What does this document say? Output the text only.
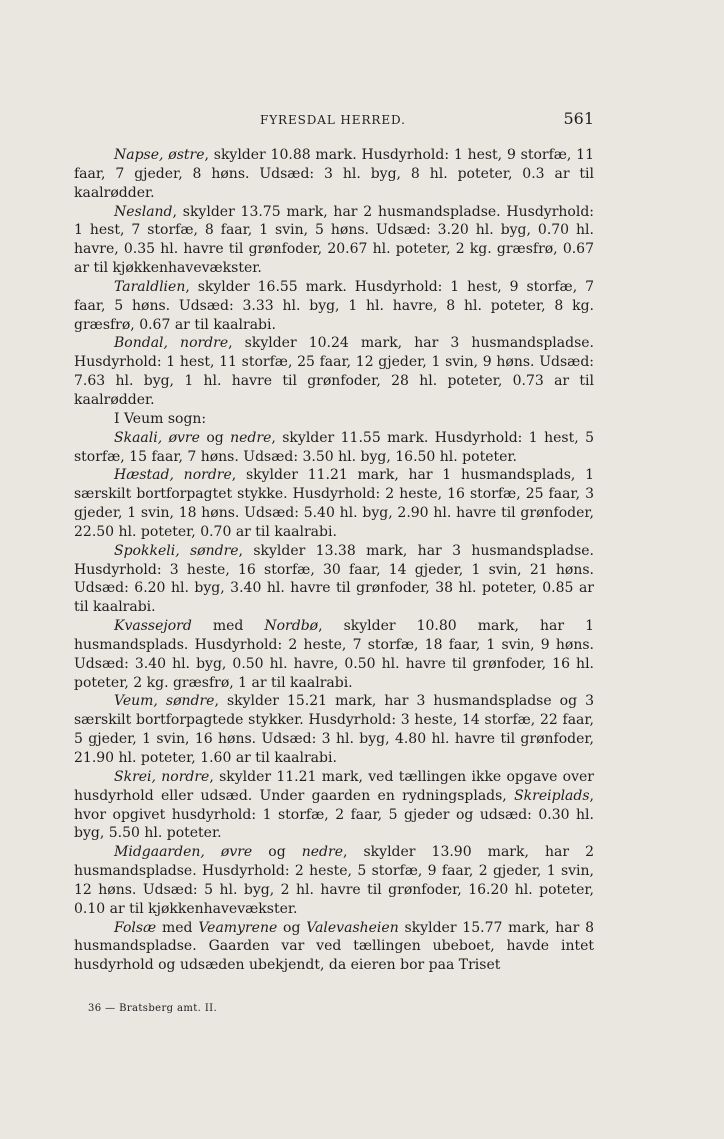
FYRESDAL HERRED.	561

Napse, østre, skylder 10.88 mark. Husdyrhold: 1 hest, 9 storfæ, 11 faar, 7 gjeder, 8 høns. Udsæd: 3 hl. byg, 8 hl. poteter, 0.3 ar til kaalrødder.

Nesland, skylder 13.75 mark, har 2 husmandspladse. Husdyrhold: 1 hest, 7 storfæ, 8 faar, 1 svin, 5 høns. Udsæd: 3.20 hl. byg, 0.70 hl. havre, 0.35 hl. havre til grønfoder, 20.67 hl. poteter, 2 kg. græsfrø, 0.67 ar til kjøkkenhavevækster.

Taraldlien, skylder 16.55 mark. Husdyrhold: 1 hest, 9 storfæ, 7 faar, 5 høns. Udsæd: 3.33 hl. byg, 1 hl. havre, 8 hl. poteter, 8 kg. græsfrø, 0.67 ar til kaalrabi.

Bondal, nordre, skylder 10.24 mark, har 3 husmandspladse. Husdyrhold: 1 hest, 11 storfæ, 25 faar, 12 gjeder, 1 svin, 9 høns. Udsæd: 7.63 hl. byg, 1 hl. havre til grønfoder, 28 hl. poteter, 0.73 ar til kaalrødder.

I Veum sogn:

Skaali, øvre og nedre, skylder 11.55 mark. Husdyrhold: 1 hest, 5 storfæ, 15 faar, 7 høns. Udsæd: 3.50 hl. byg, 16.50 hl. poteter.

Hæstad, nordre, skylder 11.21 mark, har 1 husmandsplads, 1 særskilt bortforpagtet stykke. Husdyrhold: 2 heste, 16 storfæ, 25 faar, 3 gjeder, 1 svin, 18 høns. Udsæd: 5.40 hl. byg, 2.90 hl. havre til grønfoder, 22.50 hl. poteter, 0.70 ar til kaalrabi.

Spokkeli, søndre, skylder 13.38 mark, har 3 husmandspladse. Husdyrhold: 3 heste, 16 storfæ, 30 faar, 14 gjeder, 1 svin, 21 høns. Udsæd: 6.20 hl. byg, 3.40 hl. havre til grønfoder, 38 hl. poteter, 0.85 ar til kaalrabi.

Kvassejord med Nordbø, skylder 10.80 mark, har 1 husmandsplads. Husdyrhold: 2 heste, 7 storfæ, 18 faar, 1 svin, 9 høns. Udsæd: 3.40 hl. byg, 0.50 hl. havre, 0.50 hl. havre til grønfoder, 16 hl. poteter, 2 kg. græsfrø, 1 ar til kaalrabi.

Veum, søndre, skylder 15.21 mark, har 3 husmandspladse og 3 særskilt bortforpagtede stykker. Husdyrhold: 3 heste, 14 storfæ, 22 faar, 5 gjeder, 1 svin, 16 høns. Udsæd: 3 hl. byg, 4.80 hl. havre til grønfoder, 21.90 hl. poteter, 1.60 ar til kaalrabi.

Skrei, nordre, skylder 11.21 mark, ved tællingen ikke opgave over husdyrhold eller udsæd. Under gaarden en rydningsplads, Skreiplads, hvor opgivet husdyrhold: 1 storfæ, 2 faar, 5 gjeder og udsæd: 0.30 hl. byg, 5.50 hl. poteter.

Midgaarden, øvre og nedre, skylder 13.90 mark, har 2 husmandspladse. Husdyrhold: 2 heste, 5 storfæ, 9 faar, 2 gjeder, 1 svin, 12 høns. Udsæd: 5 hl. byg, 2 hl. havre til grønfoder, 16.20 hl. poteter, 0.10 ar til kjøkkenhavevækster.

Folsæ med Veamyrene og Valevasheien skylder 15.77 mark, har 8 husmandspladse. Gaarden var ved tællingen ubeboet, havde intet husdyrhold og udsæden ubekjendt, da eieren bor paa Triset

36 — Bratsberg amt. II.
